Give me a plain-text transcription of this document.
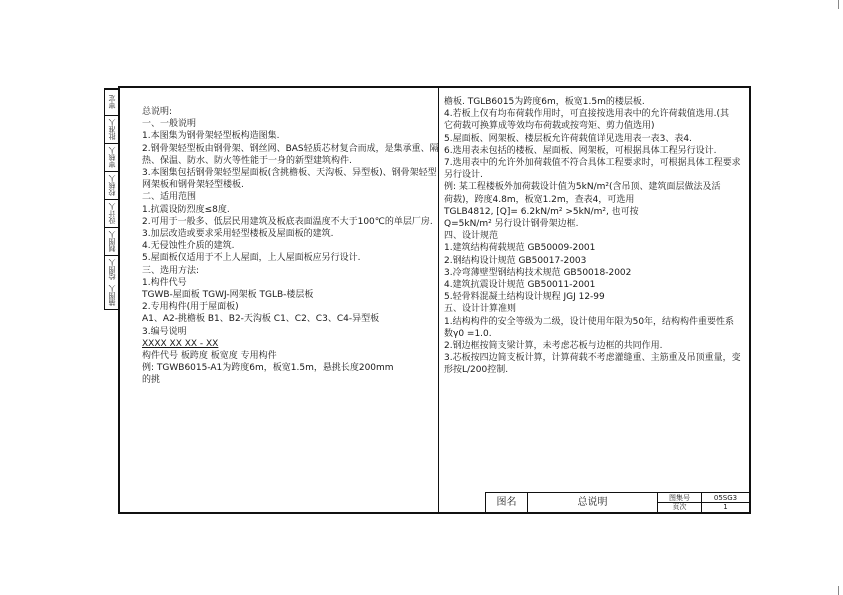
审定
批准人
审核人
校核人
设计人
制图人
绘图人
描图人

总说明:

一、一般说明

1.本图集为钢骨架轻型板构造图集.

2.钢骨架轻型板由钢骨架、钢丝网、BAS轻质芯材复合而成，是集承重、隔

热、保温、防水、防火等性能于一身的新型建筑构件.

3.本图集包括钢骨架轻型屋面板(含挑檐板、天沟板、异型板)、钢骨架轻型

网架板和钢骨架轻型楼板.

二、适用范围

1.抗震设防烈度≤8度.

2.可用于一般多、低层民用建筑及板底表面温度不大于100℃的单层厂房.

3.加层改造或要求采用轻型楼板及屋面板的建筑.

4.无侵蚀性介质的建筑.

5.屋面板仅适用于不上人屋面，上人屋面板应另行设计.

三、选用方法:

1.构件代号

TGWB-屋面板 TGWJ-网架板 TGLB-楼层板

2.专用构件(用于屋面板)

A1、A2-挑檐板 B1、B2-天沟板 C1、C2、C3、C4-异型板

3.编号说明

XXXX XX XX - XX

构件代号 板跨度 板宽度 专用构件

例: TGWB6015-A1为跨度6m，板宽1.5m，悬挑长度200mm

的挑

檐板. TGLB6015为跨度6m，板宽1.5m的楼层板.

4.若板上仅有均布荷载作用时，可直接按选用表中的允许荷载值选用.(其

它荷载可换算成等效均布荷载或按弯矩、剪力值选用)

5.屋面板、网架板、楼层板允许荷载值详见选用表一表3、表4.

6.选用表未包括的楼板、屋面板、网架板，可根据具体工程另行设计.

7.选用表中的允许外加荷载值不符合具体工程要求时，可根据具体工程要求

另行设计.

例: 某工程楼板外加荷载设计值为5kN/m²(含吊顶、建筑面层做法及活

荷载)，跨度4.8m，板宽1.2m，查表4，可选用

TGLB4812, [Q]= 6.2kN/m² >5kN/m², 也可按

Q=5kN/m² 另行设计钢骨架边框.

四、设计规范

1.建筑结构荷载规范 GB50009-2001

2.钢结构设计规范 GB50017-2003

3.冷弯薄壁型钢结构技术规范 GB50018-2002

4.建筑抗震设计规范 GB50011-2001

5.轻骨料混凝土结构设计规程 JGJ 12-99

五、设计计算准则

1.结构构件的安全等级为二级，设计使用年限为50年，结构构件重要性系

数γ0 =1.0.

2.钢边框按简支梁计算，未考虑芯板与边框的共同作用.

3.芯板按四边简支板计算，计算荷载不考虑灌缝重、主筋重及吊顶重量，变

形按L/200控制.

图名	总说明	图集号	05SG3
页次	1
